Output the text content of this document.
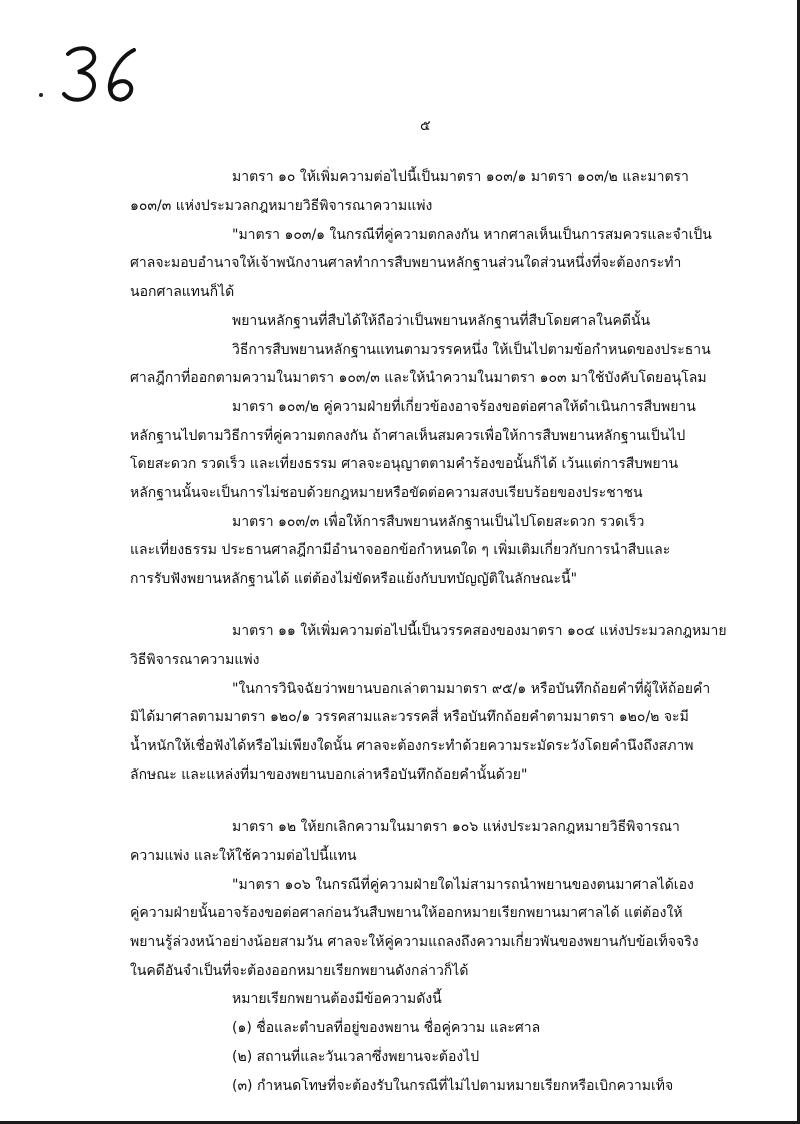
๕
มาตรา ๑๐ ให้เพิ่มความต่อไปนี้เป็นมาตรา ๑๐๓/๑ มาตรา ๑๐๓/๒ และมาตรา
๑๐๓/๓ แห่งประมวลกฎหมายวิธีพิจารณาความแพ่ง
"มาตรา ๑๐๓/๑ ในกรณีที่คู่ความตกลงกัน หากศาลเห็นเป็นการสมควรและจำเป็น
ศาลจะมอบอำนาจให้เจ้าพนักงานศาลทำการสืบพยานหลักฐานส่วนใดส่วนหนึ่งที่จะต้องกระทำ
นอกศาลแทนก็ได้
พยานหลักฐานที่สืบได้ให้ถือว่าเป็นพยานหลักฐานที่สืบโดยศาลในคดีนั้น
วิธีการสืบพยานหลักฐานแทนตามวรรคหนึ่ง ให้เป็นไปตามข้อกำหนดของประธาน
ศาลฎีกาที่ออกตามความในมาตรา ๑๐๓/๓ และให้นำความในมาตรา ๑๐๓ มาใช้บังคับโดยอนุโลม
มาตรา ๑๐๓/๒ คู่ความฝ่ายที่เกี่ยวข้องอาจร้องขอต่อศาลให้ดำเนินการสืบพยาน
หลักฐานไปตามวิธีการที่คู่ความตกลงกัน ถ้าศาลเห็นสมควรเพื่อให้การสืบพยานหลักฐานเป็นไป
โดยสะดวก รวดเร็ว และเที่ยงธรรม ศาลจะอนุญาตตามคำร้องขอนั้นก็ได้ เว้นแต่การสืบพยาน
หลักฐานนั้นจะเป็นการไม่ชอบด้วยกฎหมายหรือขัดต่อความสงบเรียบร้อยของประชาชน
มาตรา ๑๐๓/๓ เพื่อให้การสืบพยานหลักฐานเป็นไปโดยสะดวก รวดเร็ว
และเที่ยงธรรม ประธานศาลฎีกามีอำนาจออกข้อกำหนดใด ๆ เพิ่มเติมเกี่ยวกับการนำสืบและ
การรับฟังพยานหลักฐานได้ แต่ต้องไม่ขัดหรือแย้งกับบทบัญญัติในลักษณะนี้"
มาตรา ๑๑ ให้เพิ่มความต่อไปนี้เป็นวรรคสองของมาตรา ๑๐๔ แห่งประมวลกฎหมาย
วิธีพิจารณาความแพ่ง
"ในการวินิจฉัยว่าพยานบอกเล่าตามมาตรา ๙๕/๑ หรือบันทึกถ้อยคำที่ผู้ให้ถ้อยคำ
มิได้มาศาลตามมาตรา ๑๒๐/๑ วรรคสามและวรรคสี่ หรือบันทึกถ้อยคำตามมาตรา ๑๒๐/๒ จะมี
น้ำหนักให้เชื่อฟังได้หรือไม่เพียงใดนั้น ศาลจะต้องกระทำด้วยความระมัดระวังโดยคำนึงถึงสภาพ
ลักษณะ และแหล่งที่มาของพยานบอกเล่าหรือบันทึกถ้อยคำนั้นด้วย"
มาตรา ๑๒ ให้ยกเลิกความในมาตรา ๑๐๖ แห่งประมวลกฎหมายวิธีพิจารณา
ความแพ่ง และให้ใช้ความต่อไปนี้แทน
"มาตรา ๑๐๖ ในกรณีที่คู่ความฝ่ายใดไม่สามารถนำพยานของตนมาศาลได้เอง
คู่ความฝ่ายนั้นอาจร้องขอต่อศาลก่อนวันสืบพยานให้ออกหมายเรียกพยานมาศาลได้ แต่ต้องให้
พยานรู้ล่วงหน้าอย่างน้อยสามวัน ศาลจะให้คู่ความแถลงถึงความเกี่ยวพันของพยานกับข้อเท็จจริง
ในคดีอันจำเป็นที่จะต้องออกหมายเรียกพยานดังกล่าวก็ได้
หมายเรียกพยานต้องมีข้อความดังนี้
(๑) ชื่อและตำบลที่อยู่ของพยาน ชื่อคู่ความ และศาล
(๒) สถานที่และวันเวลาซึ่งพยานจะต้องไป
(๓) กำหนดโทษที่จะต้องรับในกรณีที่ไม่ไปตามหมายเรียกหรือเบิกความเท็จ
